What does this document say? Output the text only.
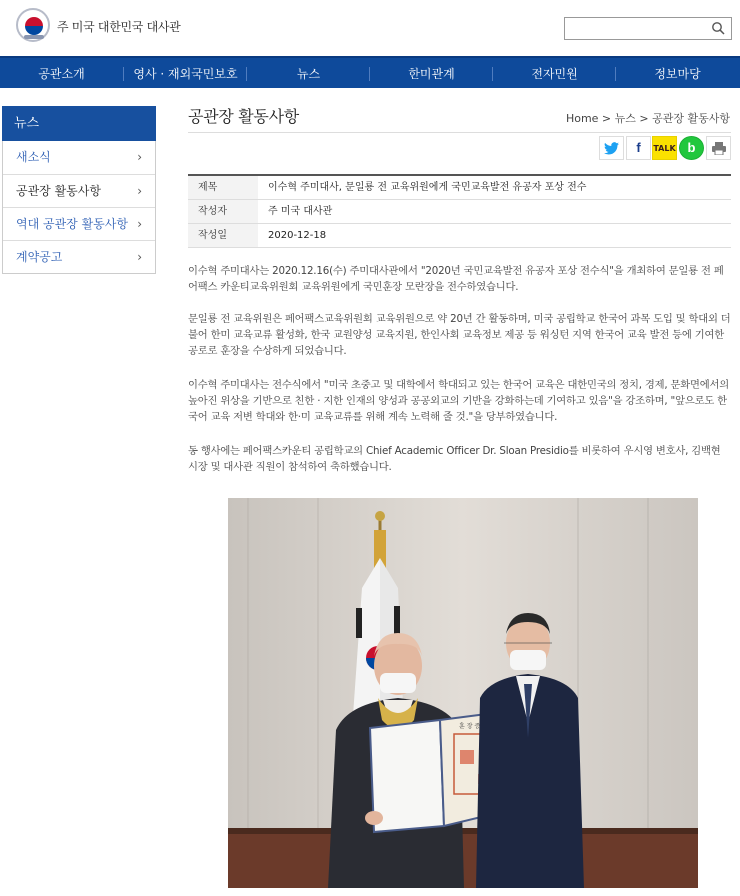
주 미국 대한민국 대사관
공관소개	영사 · 재외국민보호	뉴스	한미관계	전자민원	정보마당
뉴스
새소식	›
공관장 활동사항	›
역대 공관장 활동사항 ›
계약공고	›
공관장 활동사항	Home > 뉴스 > 공관장 활동사항
f	TALK b
제목	이수혁 주미대사, 문일룡 전 교육위원에게 국민교육발전 유공자 포상 전수
작성자	주 미국 대사관
작성일	2020-12-18

이수혁 주미대사는 2020.12.16(수) 주미대사관에서 "2020년 국민교육발전 유공자 포상 전수식"을 개최하여 문일룡 전 페어팩스 카운티교육위원회 교육위원에게 국민훈장 모란장을 전수하였습니다.

문일룡 전 교육위원은 페어팩스교육위원회 교육위원으로 약 20년 간 활동하며, 미국 공립학교 한국어 과목 도입 및 학대외 더불어 한미 교육교류 활성화, 한국 교원양성 교육지원, 한인사회 교육정보 제공 등 워싱턴 지역 한국어 교육 발전 등에 기여한 공로로 훈장을 수상하게 되었습니다.

이수혁 주미대사는 전수식에서 "미국 초중고 및 대학에서 학대되고 있는 한국어 교육은 대한민국의 정치, 경제, 문화면에서의 높아진 위상을 기반으로 친한 · 지한 인재의 양성과 공공외교의 기반을 강화하는데 기여하고 있음"을 강조하며, "앞으로도 한국어 교육 저변 학대와 한·미 교육교류를 위해 계속 노력해 줄 것."을 당부하였습니다.

동 행사에는 페어팩스카운티 공립학교의 Chief Academic Officer Dr. Sloan Presidio를 비롯하여 우시영 변호사, 김백현 시장 및 대사관 직원이 참석하여 축하했습니다.

훈 장 증
